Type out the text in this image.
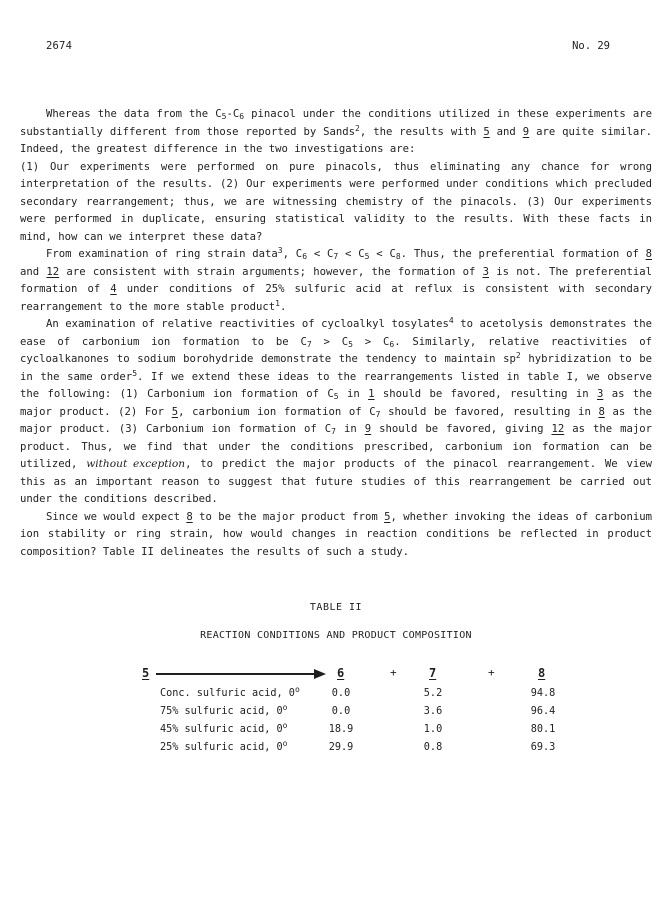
2674	No. 29

Whereas the data from the $C_5-C_6$ pinacol under the conditions utilized in these experiments are substantially different from those reported by Sands$^2$, the results with 5 and 9 are quite similar. Indeed, the greatest difference in the two investigations are:

(1) Our experiments were performed on pure pinacols, thus eliminating any chance for wrong interpretation of the results. (2) Our experiments were performed under conditions which precluded secondary rearrangement; thus, we are witnessing chemistry of the pinacols. (3) Our experiments were performed in duplicate, ensuring statistical validity to the results. With these facts in mind, how can we interpret these data?

From examination of ring strain data$^3$, $C_6 < C_7 < C_5 < C_8$. Thus, the preferential formation of 8 and 12 are consistent with strain arguments; however, the formation of 3 is not. The preferential formation of 4 under conditions of 25% sulfuric acid at reflux is consistent with secondary rearrangement to the more stable product$^1$.

An examination of relative reactivities of cycloalkyl tosylates$^4$ to acetolysis demonstrates the ease of carbonium ion formation to be $C_7 > C_5 > C_6$. Similarly, relative reactivities of cycloalkanones to sodium borohydride demonstrate the tendency to maintain $sp^2$ hybridization to be in the same order$^5$. If we extend these ideas to the rearrangements listed in table I, we observe the following: (1) Carbonium ion formation of $C_5$ in 1 should be favored, resulting in 3 as the major product. (2) For 5, carbonium ion formation of $C_7$ should be favored, resulting in 8 as the major product. (3) Carbonium ion formation of $C_7$ in 9 should be favored, giving 12 as the major product. Thus, we find that under the conditions prescribed, carbonium ion formation can be utilized, without exception, to predict the major products of the pinacol rearrangement. We view this as an important reason to suggest that future studies of this rearrangement be carried out under the conditions described.

Since we would expect 8 to be the major product from 5, whether invoking the ideas of carbonium ion stability or ring strain, how would changes in reaction conditions be reflected in product composition? Table II delineates the results of such a study.

TABLE II
REACTION CONDITIONS AND PRODUCT COMPOSITION
5	6	+	7	+	8
Conc. sulfuric acid, 0$^o$	0.0	5.2	94.8
75% sulfuric acid, 0$^o$	0.0	3.6	96.4
45% sulfuric acid, 0$^o$	18.9	1.0	80.1
25% sulfuric acid, 0$^o$	29.9	0.8	69.3
